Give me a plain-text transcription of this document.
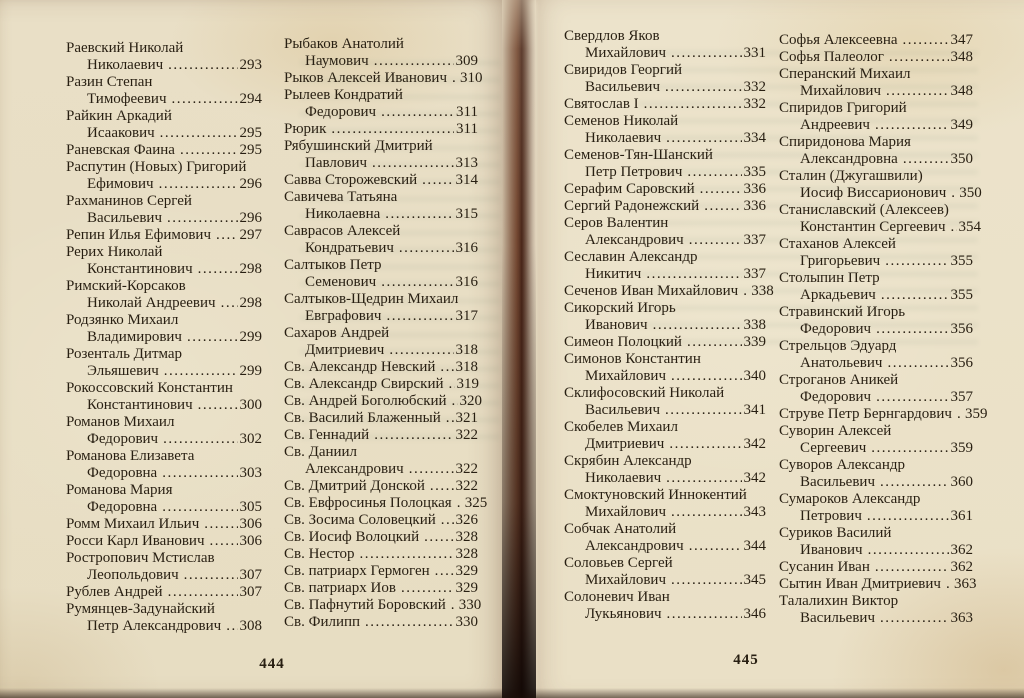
Раевский Николай
Николаевич .....	293
Разин Степан
Тимофеевич .....	294
Райкин Аркадий
Исаакович .....	295
Раневская Фаина .....	295
Распутин (Новых) Григорий
Ефимович .....	296
Рахманинов Сергей
Васильевич .....	296
Репин Илья Ефимович ..... 297
Рерих Николай
Константинович .....	298
Римский-Корсаков
Николай Андреевич ..... 298
Родзянко Михаил
Владимирович .....	299
Розенталь Дитмар
Эльяшевич .....	299
Рокоссовский Константин
Константинович .....	300
Романов Михаил
Федорович .....	302
Романова Елизавета
Федоровна .....	303
Романова Мария
Федоровна .....	305
Ромм Михаил Ильич .....	306
Росси Карл Иванович ..... 306
Ростропович Мстислав
Леопольдович .....	307
Рублев Андрей .....	307
Румянцев-Задунайский
Петр Александрович ..... 308
Рыбаков Анатолий
Наумович .....	309
Рыков Алексей Иванович ..... 310
Рылеев Кондратий
Федорович .....	311
Рюрик .....	311
Рябушинский Дмитрий
Павлович .....	313
Савва Сторожевский .....	314
Савичева Татьяна
Николаевна .....	315
Саврасов Алексей
Кондратьевич .....	316
Салтыков Петр
Семенович .....	316
Салтыков-Щедрин Михаил
Евграфович .....	317
Сахаров Андрей
Дмитриевич .....	318
Св. Александр Невский ..... 318
Св. Александр Свирский ..... 319
Св. Андрей Боголюбский ..... 320
Св. Василий Блаженный ..... 321
Св. Геннадий .....	322
Св. Даниил
Александрович .....	322
Св. Дмитрий Донской ..... 322
Св. Евфросинья Полоцкая ..... 325
Св. Зосима Соловецкий ..... 326
Св. Иосиф Волоцкий ..... 328
Св. Нестор .....	328
Св. патриарх Гермоген ..... 329
Св. патриарх Иов .....	329
Св. Пафнутий Боровский ..... 330
Св. Филипп .....	330
444
Свердлов Яков
Михайлович .....	331
Свиридов Георгий
Васильевич .....	332
Святослав I .....	332
Семенов Николай
Николаевич .....	334
Семенов-Тян-Шанский
Петр Петрович .....	335
Серафим Саровский .....	336
Сергий Радонежский .....	336
Серов Валентин
Александрович .....	337
Сеславин Александр
Никитич .....	337
Сеченов Иван Михайлович ..... 338
Сикорский Игорь
Иванович .....	338
Симеон Полоцкий .....	339
Симонов Константин
Михайлович .....	340
Склифосовский Николай
Васильевич .....	341
Скобелев Михаил
Дмитриевич .....	342
Скрябин Александр
Николаевич .....	342
Смоктуновский Иннокентий
Михайлович .....	343
Собчак Анатолий
Александрович .....	344
Соловьев Сергей
Михайлович .....	345
Солоневич Иван
Лукьянович .....	346
Софья Алексеевна .....	347
Софья Палеолог .....	348
Сперанский Михаил
Михайлович .....	348
Спиридов Григорий
Андреевич .....	349
Спиридонова Мария
Александровна .....	350
Сталин (Джугашвили)
Иосиф Виссарионович ..... 350
Станиславский (Алексеев)
Константин Сергеевич ..... 354
Стаханов Алексей
Григорьевич .....	355
Столыпин Петр
Аркадьевич .....	355
Стравинский Игорь
Федорович .....	356
Стрельцов Эдуард
Анатольевич .....	356
Строганов Аникей
Федорович .....	357
Струве Петр Бернгардович ..... 359
Суворин Алексей
Сергеевич .....	359
Суворов Александр
Васильевич .....	360
Сумароков Александр
Петрович .....	361
Суриков Василий
Иванович .....	362
Сусанин Иван .....	362
Сытин Иван Дмитриевич ..... 363
Талалихин Виктор
Васильевич .....	363
445
